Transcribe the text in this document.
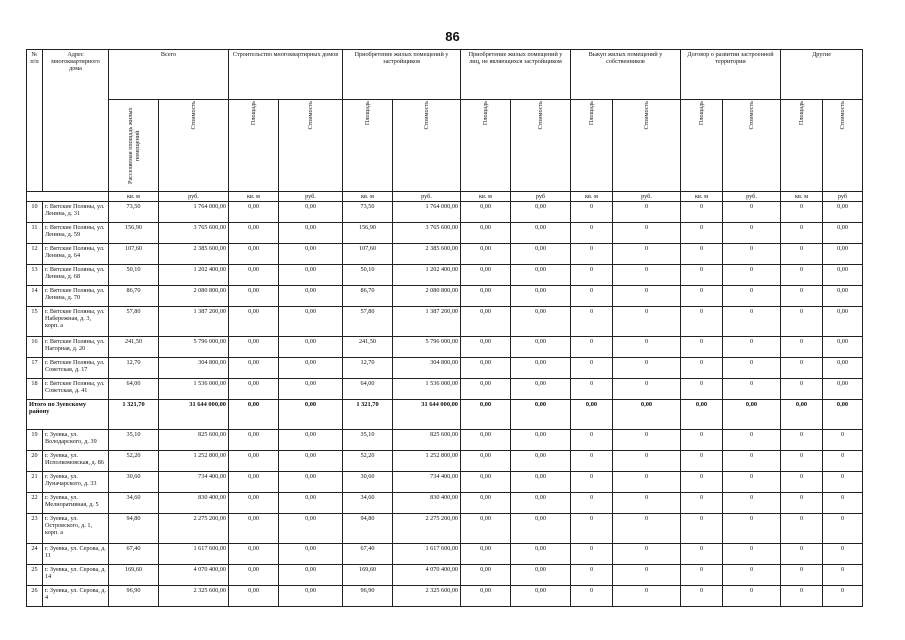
86
№
п/п	Адрес многоквартирного дома	Всего		Строительство многоквартирных домов		Приобретение жилых помещений у застройщиков		Приобретение жилых помещений у лиц, не являющихся застройщиком		Выкуп жилых помещений у собственников		Договор о развитии застроенной территории		Другие	

		Расселяемая площадь жилых помещений	Стоимость	Площадь	Стоимость	Площадь	Стоимость	Площадь	Стоимость	Площадь	Стоимость	Площадь	Стоимость	Площадь	Стоимость

		кв. м	руб.	кв. м	руб.	кв. м	руб.	кв. м	руб	кв. м	руб.	кв. м	руб.	кв. м	руб
10	г. Вятские Поляны, ул. Ленина, д. 31	73,50	1 764 000,00	0,00	0,00	73,50	1 764 000,00	0,00	0,00	0	0	0	0	0	0,00
11	г. Вятские Поляны, ул. Ленина, д. 59	156,90	3 765 600,00	0,00	0,00	156,90	3 765 600,00	0,00	0,00	0	0	0	0	0	0,00
12	г. Вятские Поляны, ул. Ленина, д. 64	107,60	2 385 600,00	0,00	0,00	107,60	2 385 600,00	0,00	0,00	0	0	0	0	0	0,00
13	г. Вятские Поляны, ул. Ленина, д. 68	50,10	1 202 400,00	0,00	0,00	50,10	1 202 400,00	0,00	0,00	0	0	0	0	0	0,00
14	г. Вятские Поляны, ул. Ленина, д. 70	86,70	2 080 800,00	0,00	0,00	86,70	2 080 800,00	0,00	0,00	0	0	0	0	0	0,00
15	г. Вятские Поляны, ул. Набережная, д. 3, корп. а	57,80	1 387 200,00	0,00	0,00	57,80	1 387 200,00	0,00	0,00	0	0	0	0	0	0,00
16	г. Вятские Поляны, ул. Нагорная, д. 20	241,50	5 796 000,00	0,00	0,00	241,50	5 796 000,00	0,00	0,00	0	0	0	0	0	0,00
17	г. Вятские Поляны, ул. Советская, д. 17	12,70	304 800,00	0,00	0,00	12,70	304 800,00	0,00	0,00	0	0	0	0	0	0,00
18	г. Вятские Поляны, ул. Советская, д. 41	64,00	1 536 000,00	0,00	0,00	64,00	1 536 000,00	0,00	0,00	0	0	0	0	0	0,00
Итого по Зуевскому району		1 321,70	31 644 000,00	0,00	0,00	1 321,70	31 644 000,00	0,00	0,00	0,00	0,00	0,00	0,00	0,00	0,00
19	г. Зуевка, ул. Володарского, д. 39	35,10	825 600,00	0,00	0,00	35,10	825 600,00	0,00	0,00	0	0	0	0	0	0
20	г. Зуевка, ул. Исполкомовская, д. 86	52,20	1 252 800,00	0,00	0,00	52,20	1 252 800,00	0,00	0,00	0	0	0	0	0	0
21	г. Зуевка, ул. Луначарского, д. 33	30,60	734 400,00	0,00	0,00	30,60	734 400,00	0,00	0,00	0	0	0	0	0	0
22	г. Зуевка, ул. Мелиоративная, д. 5	34,60	830 400,00	0,00	0,00	34,60	830 400,00	0,00	0,00	0	0	0	0	0	0
23	г. Зуевка, ул. Островского, д. 1, корп. а	94,80	2 275 200,00	0,00	0,00	94,80	2 275 200,00	0,00	0,00	0	0	0	0	0	0
24	г. Зуевка, ул. Серова, д. 11	67,40	1 617 600,00	0,00	0,00	67,40	1 617 600,00	0,00	0,00	0	0	0	0	0	0
25	г. Зуевка, ул. Серова, д. 14	169,60	4 070 400,00	0,00	0,00	169,60	4 070 400,00	0,00	0,00	0	0	0	0	0	0
26	г. Зуевка, ул. Серова, д. 4	96,90	2 325 600,00	0,00	0,00	96,90	2 325 600,00	0,00	0,00	0	0	0	0	0	0
